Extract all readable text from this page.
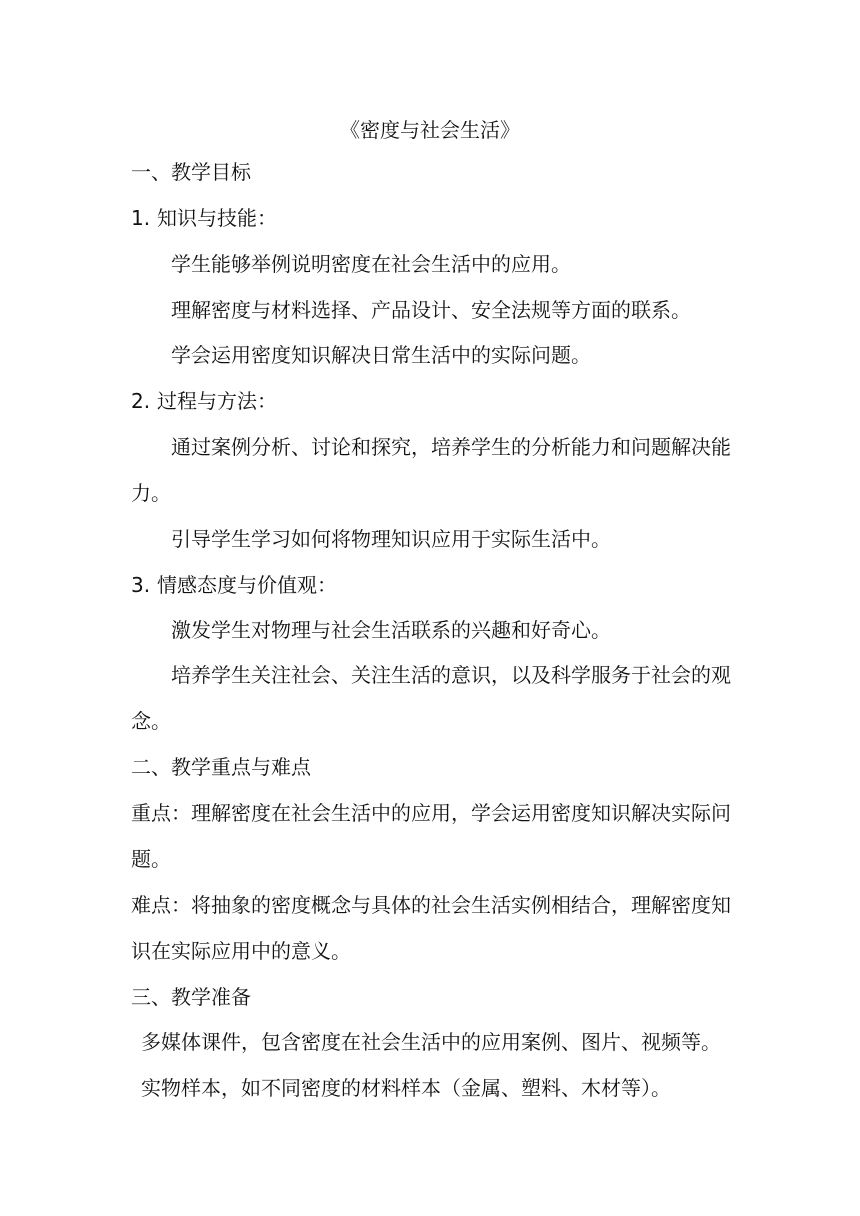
《密度与社会生活》
一、教学目标
1. 知识与技能：
学生能够举例说明密度在社会生活中的应用。
理解密度与材料选择、产品设计、安全法规等方面的联系。
学会运用密度知识解决日常生活中的实际问题。
2. 过程与方法：
通过案例分析、讨论和探究，培养学生的分析能力和问题解决能
力。
引导学生学习如何将物理知识应用于实际生活中。
3. 情感态度与价值观：
激发学生对物理与社会生活联系的兴趣和好奇心。
培养学生关注社会、关注生活的意识，以及科学服务于社会的观
念。
二、教学重点与难点
重点：理解密度在社会生活中的应用，学会运用密度知识解决实际问
题。
难点：将抽象的密度概念与具体的社会生活实例相结合，理解密度知
识在实际应用中的意义。
三、教学准备
多媒体课件，包含密度在社会生活中的应用案例、图片、视频等。
实物样本，如不同密度的材料样本（金属、塑料、木材等）。
